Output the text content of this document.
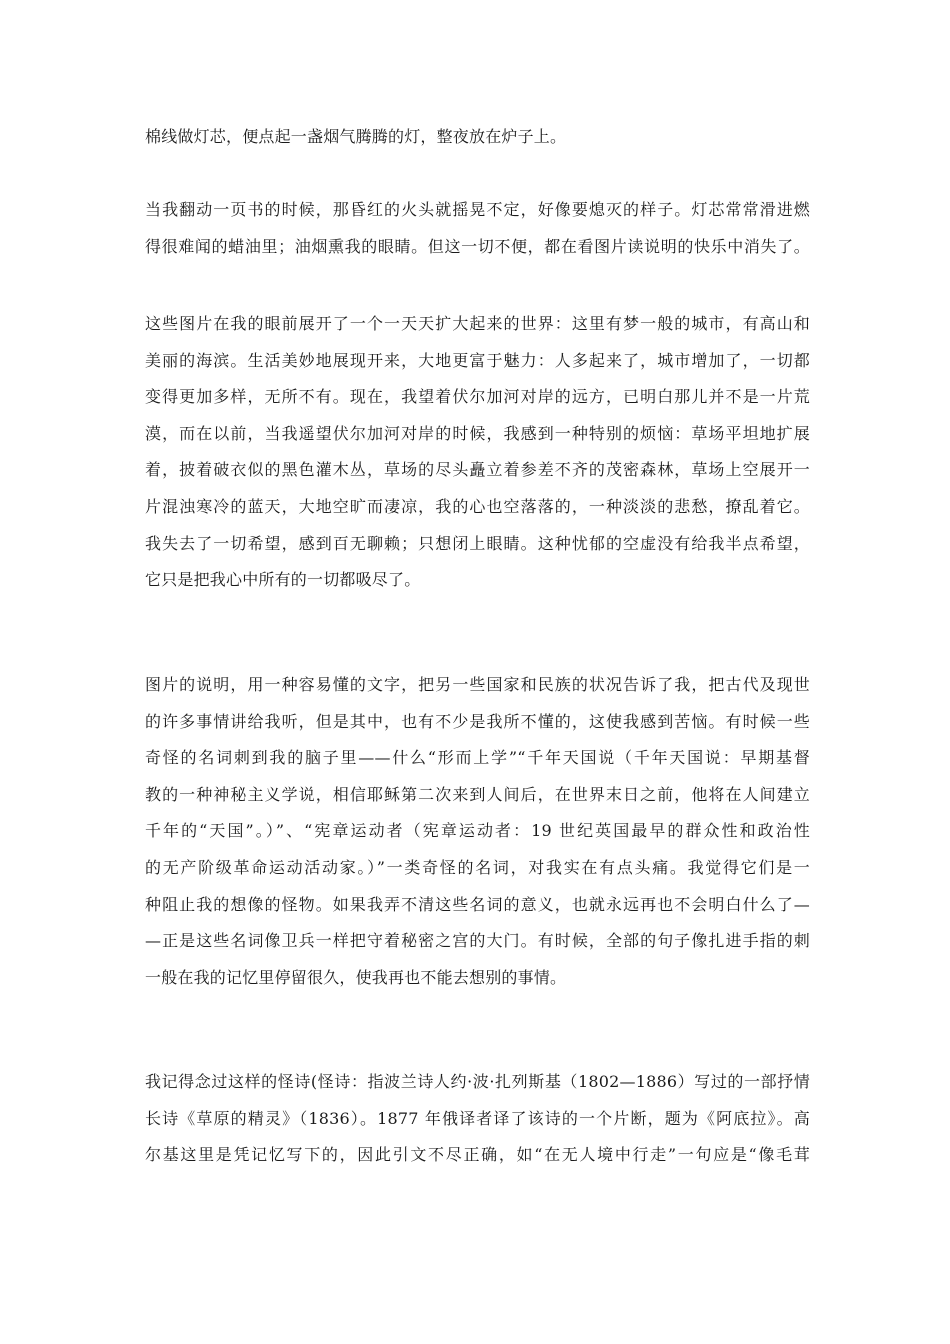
棉线做灯芯，便点起一盏烟气腾腾的灯，整夜放在炉子上。
当我翻动一页书的时候，那昏红的火头就摇晃不定，好像要熄灭的样子。灯芯常常滑进燃
得很难闻的蜡油里；油烟熏我的眼睛。但这一切不便，都在看图片读说明的快乐中消失了。
这些图片在我的眼前展开了一个一天天扩大起来的世界：这里有梦一般的城市，有高山和
美丽的海滨。生活美妙地展现开来，大地更富于魅力：人多起来了，城市增加了，一切都
变得更加多样，无所不有。现在，我望着伏尔加河对岸的远方，已明白那儿并不是一片荒
漠，而在以前，当我遥望伏尔加河对岸的时候，我感到一种特别的烦恼：草场平坦地扩展
着，披着破衣似的黑色灌木丛，草场的尽头矗立着参差不齐的茂密森林，草场上空展开一
片混浊寒冷的蓝天，大地空旷而凄凉，我的心也空落落的，一种淡淡的悲愁，撩乱着它。
我失去了一切希望，感到百无聊赖；只想闭上眼睛。这种忧郁的空虚没有给我半点希望，
它只是把我心中所有的一切都吸尽了。
图片的说明，用一种容易懂的文字，把另一些国家和民族的状况告诉了我，把古代及现世
的许多事情讲给我听，但是其中，也有不少是我所不懂的，这使我感到苦恼。有时候一些
奇怪的名词刺到我的脑子里——什么“形而上学”“千年天国说（千年天国说：早期基督
教的一种神秘主义学说，相信耶稣第二次来到人间后，在世界末日之前，他将在人间建立
千年的“天国”。）”、“宪章运动者（宪章运动者：19 世纪英国最早的群众性和政治性
的无产阶级革命运动活动家。）”一类奇怪的名词，对我实在有点头痛。我觉得它们是一
种阻止我的想像的怪物。如果我弄不清这些名词的意义，也就永远再也不会明白什么了—
—正是这些名词像卫兵一样把守着秘密之宫的大门。有时候，全部的句子像扎进手指的刺
一般在我的记忆里停留很久，使我再也不能去想别的事情。
我记得念过这样的怪诗(怪诗：指波兰诗人约·波·扎列斯基（1802—1886）写过的一部抒情
长诗《草原的精灵》（1836）。1877 年俄译者译了该诗的一个片断，题为《阿底拉》。高
尔基这里是凭记忆写下的，因此引文不尽正确，如“在无人境中行走”一句应是“像毛茸
